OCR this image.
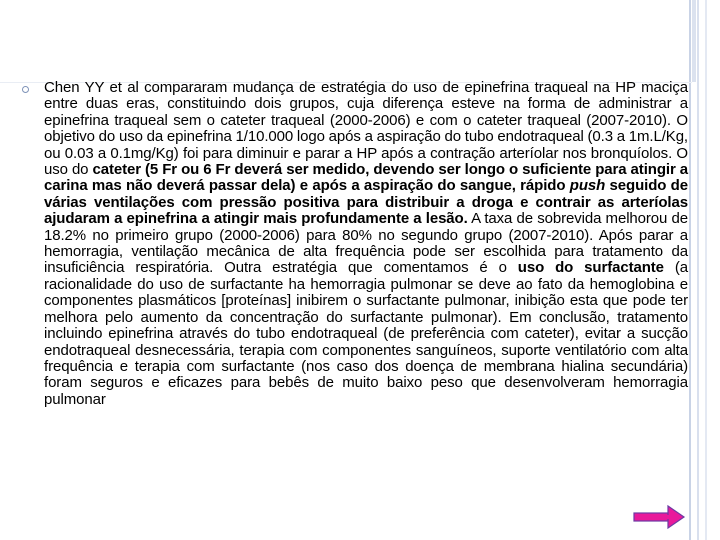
Chen YY et al compararam mudança de estratégia do uso de epinefrina traqueal na HP maciça entre duas eras, constituindo dois grupos, cuja diferença esteve na forma de administrar a epinefrina traqueal sem o cateter traqueal (2000-2006) e com o cateter traqueal (2007-2010). O objetivo do uso da epinefrina 1/10.000 logo após a aspiração do tubo endotraqueal (0.3 a 1m.L/Kg, ou 0.03 a 0.1mg/Kg) foi para diminuir e parar a HP após a contração arteríolar nos bronquíolos. O uso do cateter (5 Fr ou 6 Fr deverá ser medido, devendo ser longo o suficiente para atingir a carina mas não deverá passar dela) e após a aspiração do sangue, rápido push seguido de várias ventilações com pressão positiva para distribuir a droga e contrair as arteríolas ajudaram a epinefrina a atingir mais profundamente a lesão. A taxa de sobrevida melhorou de 18.2% no primeiro grupo (2000-2006) para 80% no segundo grupo (2007-2010). Após parar a hemorragia, ventilação mecânica de alta frequência pode ser escolhida para tratamento da insuficiência respiratória. Outra estratégia que comentamos é o uso do surfactante (a racionalidade do uso de surfactante ha hemorragia pulmonar se deve ao fato da hemoglobina e componentes plasmáticos [proteínas] inibirem o surfactante pulmonar, inibição esta que pode ter melhora pelo aumento da concentração do surfactante pulmonar). Em conclusão, tratamento incluindo epinefrina através do tubo endotraqueal (de preferência com cateter), evitar a sucção endotraqueal desnecessária, terapia com componentes sanguíneos, suporte ventilatório com alta frequência e terapia com surfactante (nos caso dos doença de membrana hialina secundária) foram seguros e eficazes para bebês de muito baixo peso que desenvolveram hemorragia pulmonar
